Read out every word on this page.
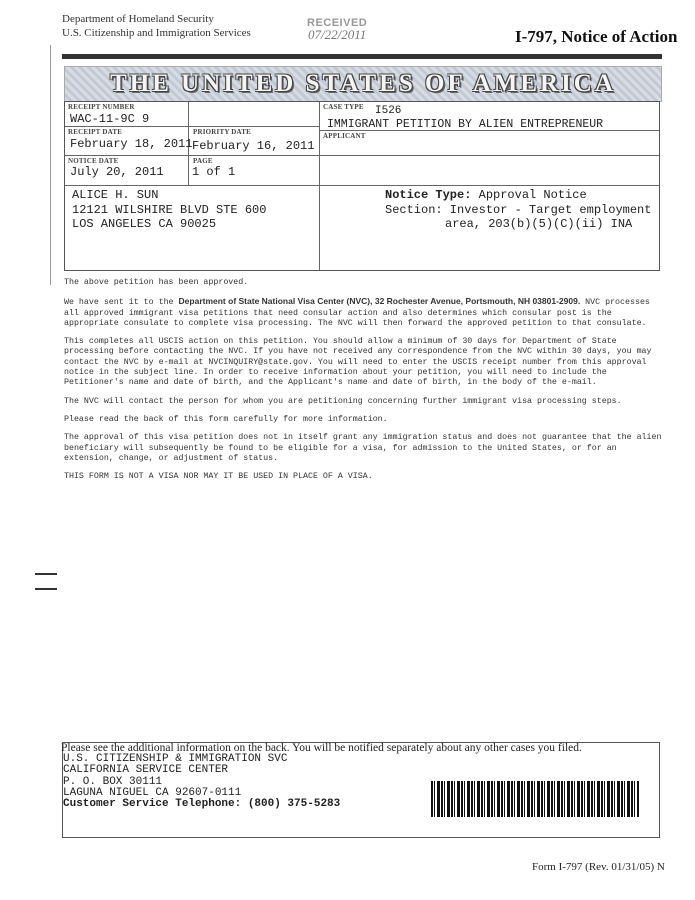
Department of Homeland Security
U.S. Citizenship and Immigration Services
RECEIVED
07/22/2011	I-797, Notice of Action
THE UNITED STATES OF AMERICA
RECEIPT NUMBER
WAC-11-9C 9
CASE TYPE I526
IMMIGRANT PETITION BY ALIEN ENTREPRENEUR
RECEIPT DATE
February 18, 2011
PRIORITY DATE
February 16, 2011
APPLICANT
NOTICE DATE
July 20, 2011
PAGE
1 of 1
ALICE H. SUN
12121 WILSHIRE BLVD STE 600
LOS ANGELES CA 90025
Notice Type: Approval Notice
Section: Investor - Target employment
area, 203(b)(5)(C)(ii) INA

The above petition has been approved.

We have sent it to the Department of State National Visa Center (NVC), 32 Rochester Avenue, Portsmouth, NH 03801-2909. NVC processes all approved immigrant visa petitions that need consular action and also determines which consular post is the appropriate consulate to complete visa processing. The NVC will then forward the approved petition to that consulate.

This completes all USCIS action on this petition. You should allow a minimum of 30 days for Department of State processing before contacting the NVC. If you have not received any correspondence from the NVC within 30 days, you may contact the NVC by e-mail at NVCINQUIRY@state.gov. You will need to enter the USCIS receipt number from this approval notice in the subject line. In order to receive information about your petition, you will need to include the Petitioner's name and date of birth, and the Applicant's name and date of birth, in the body of the e-mail.

The NVC will contact the person for whom you are petitioning concerning further immigrant visa processing steps.

Please read the back of this form carefully for more information.

The approval of this visa petition does not in itself grant any immigration status and does not guarantee that the alien beneficiary will subsequently be found to be eligible for a visa, for admission to the United States, or for an extension, change, or adjustment of status.

THIS FORM IS NOT A VISA NOR MAY IT BE USED IN PLACE OF A VISA.

Please see the additional information on the back. You will be notified separately about any other cases you filed.
U.S. CITIZENSHIP & IMMIGRATION SVC
CALIFORNIA SERVICE CENTER
P. O. BOX 30111
LAGUNA NIGUEL CA 92607-0111
Customer Service Telephone: (800) 375-5283
Form I-797 (Rev. 01/31/05) N
